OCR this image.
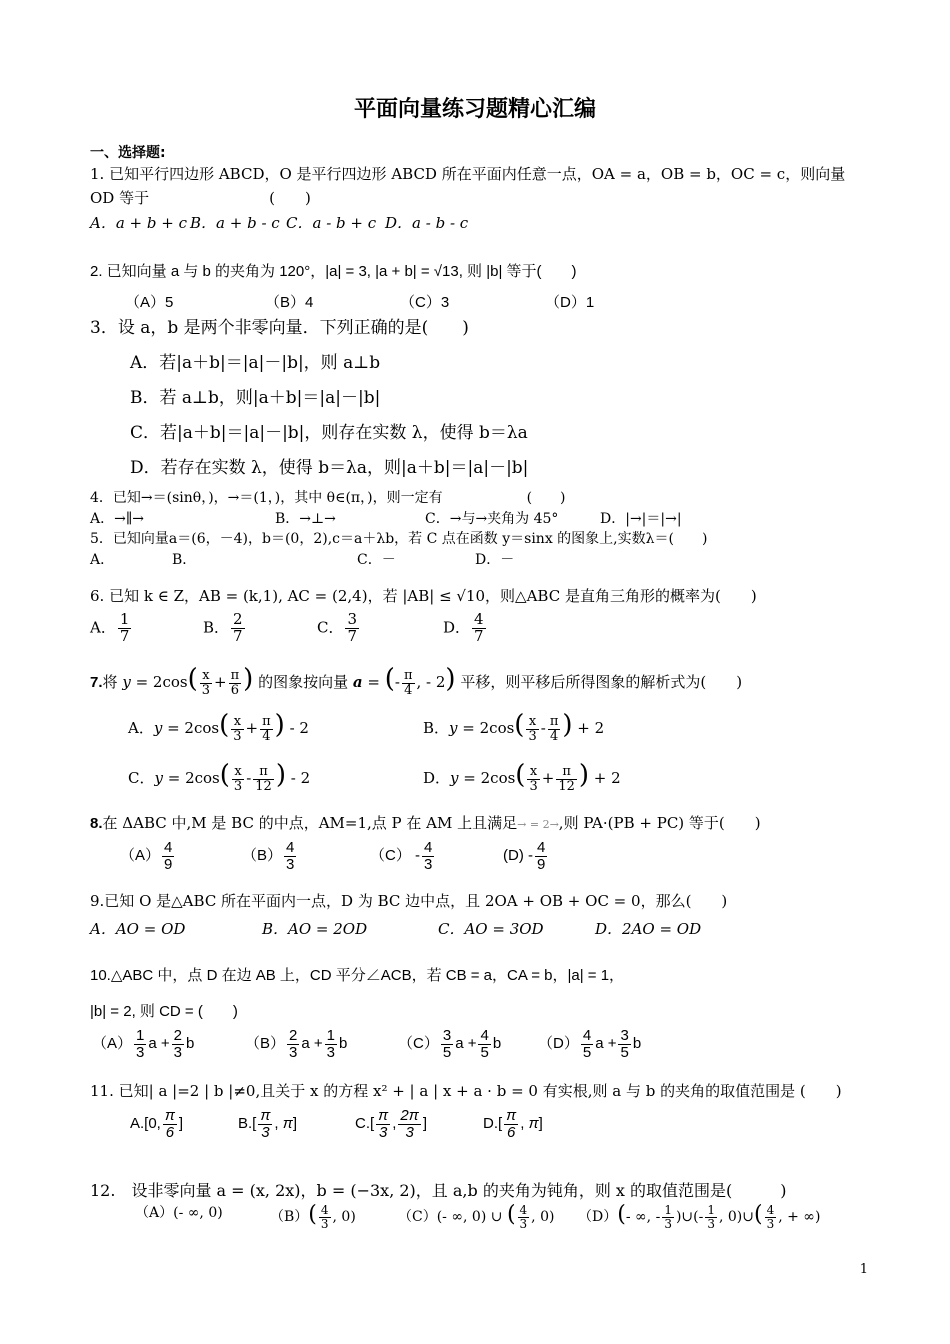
平面向量练习题精心汇编
一、选择题:
1. 已知平行四边形 ABCD，O 是平行四边形 ABCD 所在平面内任意一点，OA = a，OB = b，OC = c，则向量
OD 等于　　　　　　　　(　　)
A．a + b + c B．a + b - c C．a - b + c D．a - b - c
2. 已知向量 a 与 b 的夹角为 120°，|a| = 3, |a + b| = √13, 则 |b| 等于(　　)
（A）5	（B）4	（C）3	（D）1
3．设 a，b 是两个非零向量．下列正确的是(　　)
A．若|a＋b|＝|a|－|b|，则 a⊥b
B．若 a⊥b，则|a＋b|＝|a|－|b|
C．若|a＋b|＝|a|－|b|，则存在实数 λ，使得 b＝λa
D．若存在实数 λ，使得 b＝λa，则|a＋b|＝|a|－|b|
4．已知→＝(sinθ，)，→＝(1，)，其中 θ∈(π，)，则一定有　　　　　　(　　)
A．→∥→	B．→⊥→	C．→与→夹角为 45°	D．|→|＝|→|
5．已知向量a＝(6，－4)，b＝(0，2),c＝a＋λb，若 C 点在函数 y＝sinx 的图象上,实数λ＝(　　)
A．	B．	C．－	D．－
6. 已知 k ∈ Z，AB = (k,1), AC = (2,4)，若 |AB| ≤ √10，则△ABC 是直角三角形的概率为(　　)
A． $\frac{1}{7}$	B． $\frac{2}{7}$	C． $\frac{3}{7}$	D． $\frac{4}{7}$
7.将 $y = 2\cos( \frac{x}{3} + \frac{\pi}{6}$ ) 的图象按向量 a = (- $\frac{\pi}{4}$ , - 2) 平移，则平移后所得图象的解析式为(　　)
A．$y = 2\cos( \frac{x}{3} + \frac{\pi}{4}$ ) - 2	B．$y = 2\cos( \frac{x}{3} - \frac{\pi}{4}$ ) + 2
C．$y = 2\cos( \frac{x}{3} - \frac{\pi}{12}$ ) - 2	D．$y = 2\cos( \frac{x}{3} + \frac{\pi}{12}$ ) + 2
8.在 ΔABC 中,M 是 BC 的中点，AM=1,点 P 在 AM 上且满足→ = 2→,则 PA·(PB + PC) 等于(　　)
$(A) \frac{4}{9}$	$(B) \frac{4}{3}$	$(C) - \frac{4}{3}$	$(D) - \frac{4}{9}$
9.已知 O 是△ABC 所在平面内一点，D 为 BC 边中点，且 2OA + OB + OC = 0，那么(　　)
A．AO = OD	B．AO = 2OD	C．AO = 3OD	D．2AO = OD
10.△ABC 中，点 D 在边 AB 上，CD 平分∠ACB，若 CB = a，CA = b，|a| = 1，
|b| = 2, 则 CD = (　　)
$(A) \frac{1}{3}$ $a + \frac{2}{3}$ b	$(B) \frac{2}{3}$ $a + \frac{1}{3}$ b	$(C) \frac{3}{5}$ $a + \frac{4}{5}$ b $(D) \frac{4}{5}$ $a + \frac{3}{5}$ b
11. 已知| a |=2 | b |≠0,且关于 x 的方程 x² + | a | x + a · b = 0 有实根,则 a 与 b 的夹角的取值范围是 (　　)
A.[0, $\frac{\pi}{6}$ ]	$B.[ \frac{\pi}{3}$ , π]	$C.[ \frac{\pi}{3}$ , $\frac{2\pi}{3}$ ]	$D.[ \frac{\pi}{6}$ , π]
12.　设非零向量 a = (x, 2x)，b = (−3x, 2)，且 a,b 的夹角为钝角，则 x 的取值范围是(　　　)
（A）(- ∞, 0)	$(B)( \frac{4}{3}$ , 0)	（C）(- ∞, 0) ∪ ( $\frac{4}{3}$ , 0) （D）(- ∞, - $\frac{1}{3}$ )∪(- $\frac{1}{3}$ , 0)∪( $\frac{4}{3}$ , + ∞)
1
